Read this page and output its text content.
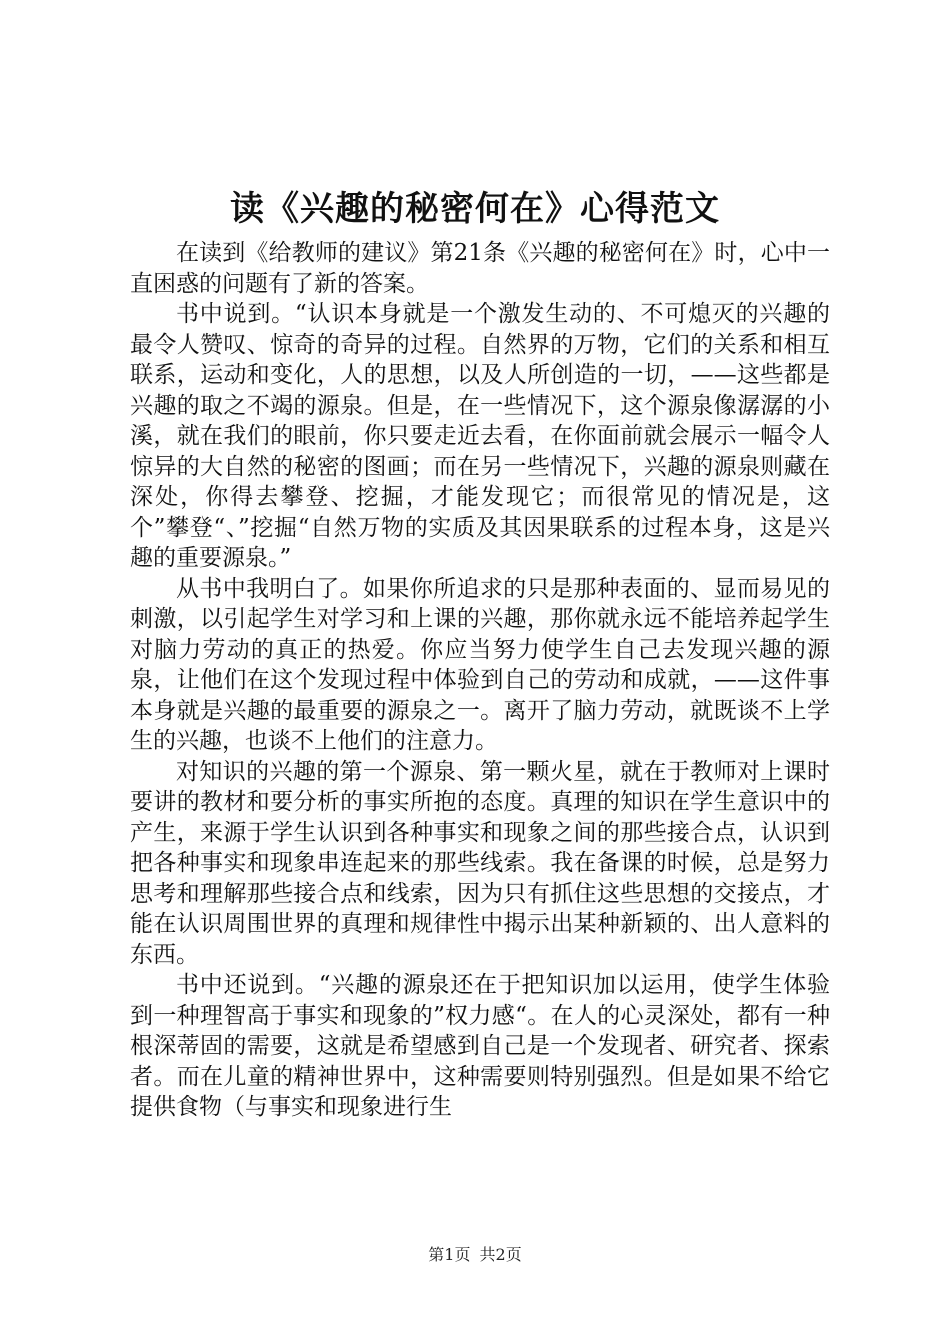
读《兴趣的秘密何在》心得范文

在读到《给教师的建议》第21条《兴趣的秘密何在》时，心中一直困惑的问题有了新的答案。

书中说到。“认识本身就是一个激发生动的、不可熄灭的兴趣的最令人赞叹、惊奇的奇异的过程。自然界的万物，它们的关系和相互联系，运动和变化，人的思想，以及人所创造的一切，——这些都是兴趣的取之不竭的源泉。但是，在一些情况下，这个源泉像潺潺的小溪，就在我们的眼前，你只要走近去看，在你面前就会展示一幅令人惊异的大自然的秘密的图画；而在另一些情况下，兴趣的源泉则藏在深处，你得去攀登、挖掘，才能发现它；而很常见的情况是，这个”攀登“、”挖掘“自然万物的实质及其因果联系的过程本身，这是兴趣的重要源泉。”

从书中我明白了。如果你所追求的只是那种表面的、显而易见的刺激，以引起学生对学习和上课的兴趣，那你就永远不能培养起学生对脑力劳动的真正的热爱。你应当努力使学生自己去发现兴趣的源泉，让他们在这个发现过程中体验到自己的劳动和成就，——这件事本身就是兴趣的最重要的源泉之一。离开了脑力劳动，就既谈不上学生的兴趣，也谈不上他们的注意力。

对知识的兴趣的第一个源泉、第一颗火星，就在于教师对上课时要讲的教材和要分析的事实所抱的态度。真理的知识在学生意识中的产生，来源于学生认识到各种事实和现象之间的那些接合点，认识到把各种事实和现象串连起来的那些线索。我在备课的时候，总是努力思考和理解那些接合点和线索，因为只有抓住这些思想的交接点，才能在认识周围世界的真理和规律性中揭示出某种新颖的、出人意料的东西。

书中还说到。“兴趣的源泉还在于把知识加以运用，使学生体验到一种理智高于事实和现象的”权力感“。在人的心灵深处，都有一种根深蒂固的需要，这就是希望感到自己是一个发现者、研究者、探索者。而在儿童的精神世界中，这种需要则特别强烈。但是如果不给它提供食物（与事实和现象进行生

第1页 共2页
